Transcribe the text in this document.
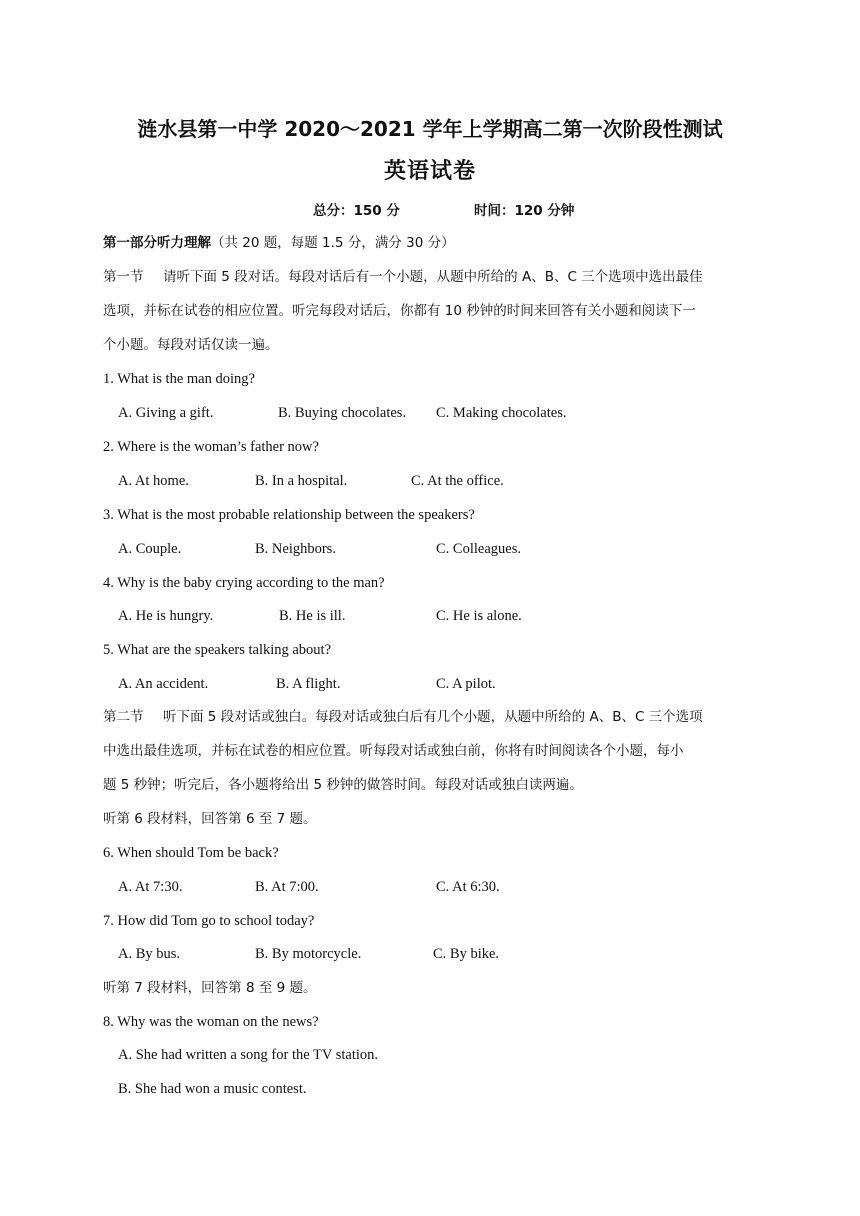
涟水县第一中学 2020～2021 学年上学期高二第一次阶段性测试
英语试卷
总分：150 分	时间：120 分钟
第一部分听力理解（共 20 题，每题 1.5 分，满分 30 分）
第一节 请听下面 5 段对话。每段对话后有一个小题，从题中所给的 A、B、C 三个选项中选出最佳
选项，并标在试卷的相应位置。听完每段对话后，你都有 10 秒钟的时间来回答有关小题和阅读下一
个小题。每段对话仅读一遍。
1. What is the man doing?
A. Giving a gift.	B. Buying chocolates. C. Making chocolates.
2. Where is the woman’s father now?
A. At home.	B. In a hospital.	C. At the office.
3. What is the most probable relationship between the speakers?
A. Couple.	B. Neighbors.	C. Colleagues.
4. Why is the baby crying according to the man?
A. He is hungry.	B. He is ill.	C. He is alone.
5. What are the speakers talking about?
A. An accident.	B. A flight.	C. A pilot.
第二节 听下面 5 段对话或独白。每段对话或独白后有几个小题，从题中所给的 A、B、C 三个选项
中选出最佳选项，并标在试卷的相应位置。听每段对话或独白前，你将有时间阅读各个小题，每小
题 5 秒钟；听完后，各小题将给出 5 秒钟的做答时间。每段对话或独白读两遍。
听第 6 段材料，回答第 6 至 7 题。
6. When should Tom be back?
A. At 7:30.	B. At 7:00.	C. At 6:30.
7. How did Tom go to school today?
A. By bus.	B. By motorcycle.	C. By bike.
听第 7 段材料，回答第 8 至 9 题。
8. Why was the woman on the news?
A. She had written a song for the TV station.
B. She had won a music contest.
